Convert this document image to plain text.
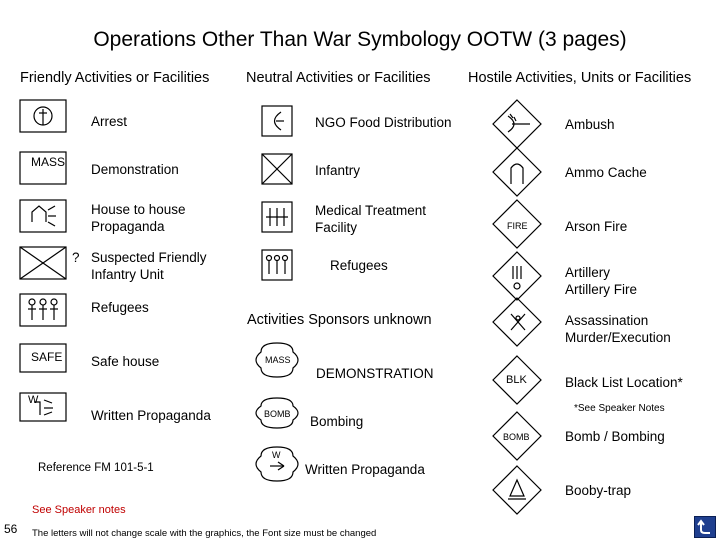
Operations Other Than War Symbology OOTW (3 pages)
Friendly Activities or Facilities	Neutral Activities or Facilities	Hostile Activities, Units or Facilities
Arrest
MASS Demonstration
House to house
Propaganda
? Suspected Friendly
Infantry Unit
Refugees
SAFE Safe house
W
Written Propaganda
Reference FM 101-5-1
NGO Food Distribution
Infantry
Medical Treatment
Facility
Refugees
Activities Sponsors unknown
MASS
DEMONSTRATION
BOMB Bombing
W
Written Propaganda
Ambush
Ammo Cache
FIRE	Arson Fire
Artillery
Artillery Fire
Assassination
Murder/Execution
BLK	Black List Location*
*See Speaker Notes
BOMB	Bomb / Bombing
Booby-trap
See Speaker notes
56 The letters will not change scale with the graphics, the Font size must be changed
